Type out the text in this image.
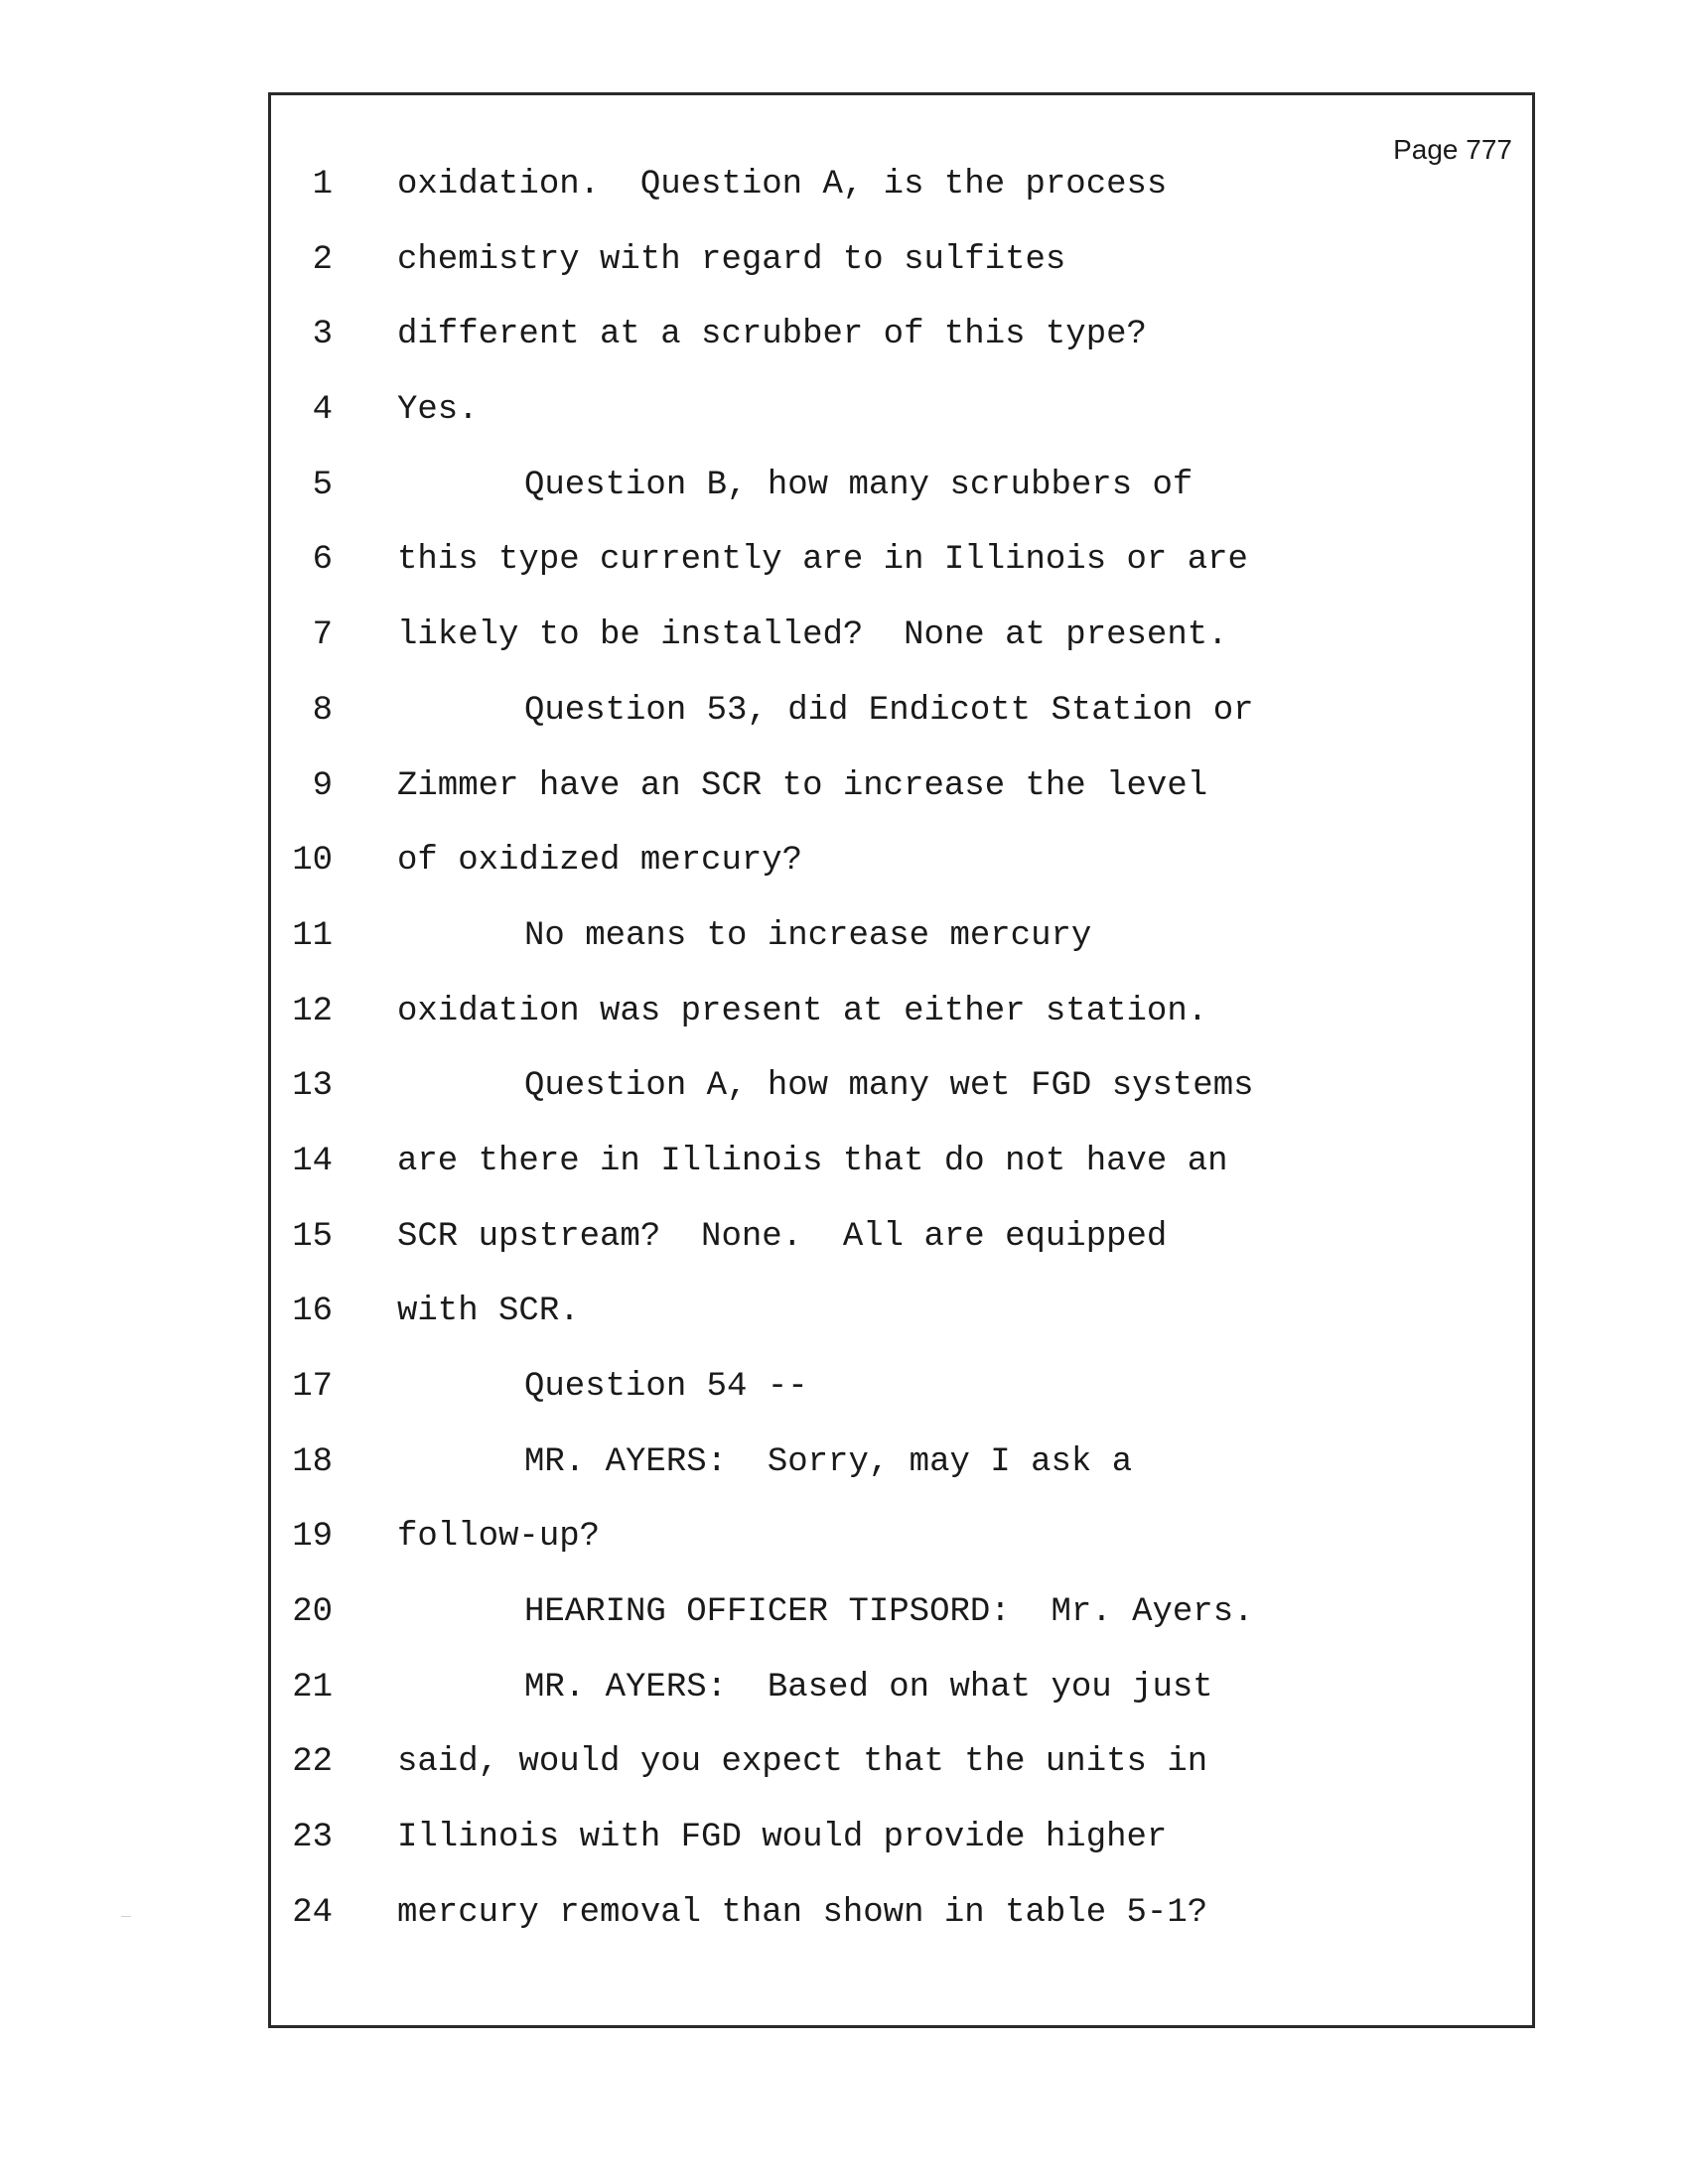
Page 777
1 oxidation.  Question A, is the process
2 chemistry with regard to sulfites
3 different at a scrubber of this type?
4 Yes.
5	Question B, how many scrubbers of
6 this type currently are in Illinois or are
7 likely to be installed?  None at present.
8	Question 53, did Endicott Station or
9 Zimmer have an SCR to increase the level
10 of oxidized mercury?
11	No means to increase mercury
12 oxidation was present at either station.
13	Question A, how many wet FGD systems
14 are there in Illinois that do not have an
15 SCR upstream?  None.  All are equipped
16 with SCR.
17	Question 54 --
18	MR. AYERS:  Sorry, may I ask a
19 follow-up?
20	HEARING OFFICER TIPSORD:  Mr. Ayers.
21	MR. AYERS:  Based on what you just
22 said, would you expect that the units in
23 Illinois with FGD would provide higher
24 mercury removal than shown in table 5-1?
